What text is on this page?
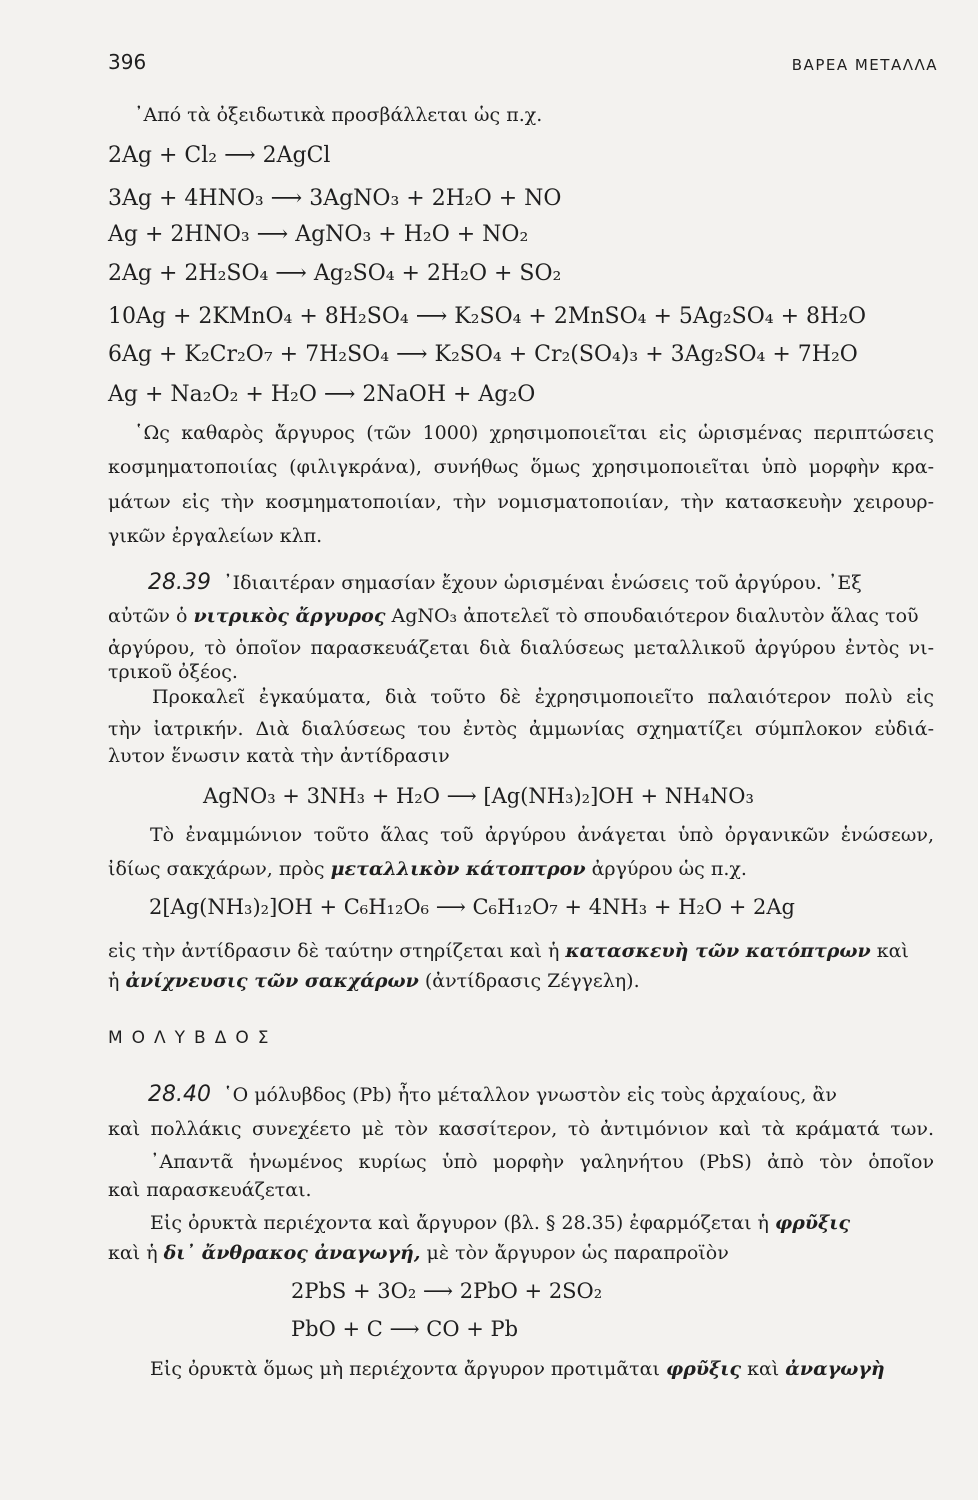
396	ΒΑΡΕΑ ΜΕΤΑΛΛΑ
᾿Από τὰ ὀξειδωτικὰ προσβάλλεται ὡς π.χ.
2Ag + Cl₂ ⟶ 2AgCl
3Ag + 4HNO₃ ⟶ 3AgNO₃ + 2H₂O + NO
Ag + 2HNO₃ ⟶ AgNO₃ + H₂O + NO₂
2Ag + 2H₂SO₄ ⟶ Ag₂SO₄ + 2H₂O + SO₂
10Ag + 2KMnO₄ + 8H₂SO₄ ⟶ K₂SO₄ + 2MnSO₄ + 5Ag₂SO₄ + 8H₂O
6Ag + K₂Cr₂O₇ + 7H₂SO₄ ⟶ K₂SO₄ + Cr₂(SO₄)₃ + 3Ag₂SO₄ + 7H₂O
Ag + Na₂O₂ + H₂O ⟶ 2NaOH + Ag₂O
῾Ως καθαρὸς ἄργυρος (τῶν 1000) χρησιμοποιεῖται εἰς ὡρισμένας περιπτώσεις
κοσμηματοποιίας (φιλιγκράνα), συνήθως ὅμως χρησιμοποιεῖται ὑπὸ μορφὴν κρα-
μάτων εἰς τὴν κοσμηματοποιίαν, τὴν νομισματοποιίαν, τὴν κατασκευὴν χειρουρ-
γικῶν ἐργαλείων κλπ.
28.39 ᾿Ιδιαιτέραν σημασίαν ἔχουν ὡρισμέναι ἑνώσεις τοῦ ἀργύρου. ᾿Εξ
αὐτῶν ὁ νιτρικὸς ἄργυρος AgNO₃ ἀποτελεῖ τὸ σπουδαιότερον διαλυτὸν ἅλας τοῦ
ἀργύρου, τὸ ὁποῖον παρασκευάζεται διὰ διαλύσεως μεταλλικοῦ ἀργύρου ἐντὸς νι-
τρικοῦ ὀξέος.
Προκαλεῖ ἐγκαύματα, διὰ τοῦτο δὲ ἐχρησιμοποιεῖτο παλαιότερον πολὺ εἰς
τὴν ἰατρικήν. Διὰ διαλύσεως του ἐντὸς ἀμμωνίας σχηματίζει σύμπλοκον εὐδιά-
λυτον ἕνωσιν κατὰ τὴν ἀντίδρασιν
AgNO₃ + 3NH₃ + H₂O ⟶ [Ag(NH₃)₂]OH + NH₄NO₃
Τὸ ἐναμμώνιον τοῦτο ἅλας τοῦ ἀργύρου ἀνάγεται ὑπὸ ὀργανικῶν ἑνώσεων,
ἰδίως σακχάρων, πρὸς μεταλλικὸν κάτοπτρον ἀργύρου ὡς π.χ.
2[Ag(NH₃)₂]OH + C₆H₁₂O₆ ⟶ C₆H₁₂O₇ + 4NH₃ + H₂O + 2Ag
εἰς τὴν ἀντίδρασιν δὲ ταύτην στηρίζεται καὶ ἡ κατασκευὴ τῶν κατόπτρων καὶ
ἡ ἀνίχνευσις τῶν σακχάρων (ἀντίδρασις Ζέγγελη).
ΜΟΛΥΒΔΟΣ
28.40 ῾Ο μόλυβδος (Pb) ἦτο μέταλλον γνωστὸν εἰς τοὺς ἀρχαίους, ἂν
καὶ πολλάκις συνεχέετο μὲ τὸν κασσίτερον, τὸ ἀντιμόνιον καὶ τὰ κράματά των.
᾿Απαντᾶ ἡνωμένος κυρίως ὑπὸ μορφὴν γαληνήτου (PbS) ἀπὸ τὸν ὁποῖον
καὶ παρασκευάζεται.
Εἰς ὀρυκτὰ περιέχοντα καὶ ἄργυρον (βλ. § 28.35) ἐφαρμόζεται ἡ φρῦξις
καὶ ἡ δι᾿ ἄνθρακος ἀναγωγή, μὲ τὸν ἄργυρον ὡς παραπροϊὸν
2PbS + 3O₂ ⟶ 2PbO + 2SO₂
PbO + C ⟶ CO + Pb
Εἰς ὀρυκτὰ ὅμως μὴ περιέχοντα ἄργυρον προτιμᾶται φρῦξις καὶ ἀναγωγὴ
